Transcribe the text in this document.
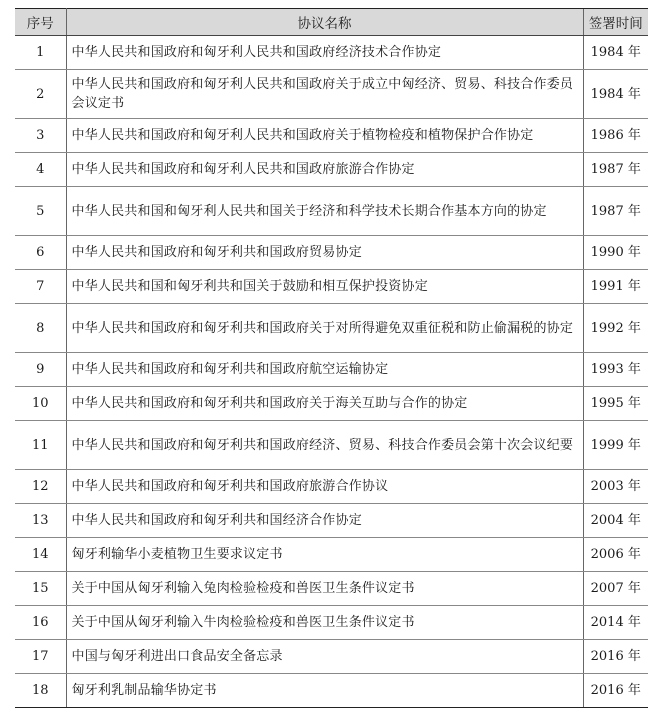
序号	协议名称	签署时间
1	中华人民共和国政府和匈牙利人民共和国政府经济技术合作协定	1984 年
2	中华人民共和国政府和匈牙利人民共和国政府关于成立中匈经济、贸易、科技合作委员会议定书	1984 年
3	中华人民共和国政府和匈牙利人民共和国政府关于植物检疫和植物保护合作协定	1986 年
4	中华人民共和国政府和匈牙利人民共和国政府旅游合作协定	1987 年
5	中华人民共和国和匈牙利人民共和国关于经济和科学技术长期合作基本方向的协定	1987 年
6	中华人民共和国政府和匈牙利共和国政府贸易协定	1990 年
7	中华人民共和国和匈牙利共和国关于鼓励和相互保护投资协定	1991 年
8	中华人民共和国政府和匈牙利共和国政府关于对所得避免双重征税和防止偷漏税的协定	1992 年
9	中华人民共和国政府和匈牙利共和国政府航空运输协定	1993 年
10	中华人民共和国政府和匈牙利共和国政府关于海关互助与合作的协定	1995 年
11	中华人民共和国政府和匈牙利共和国政府经济、贸易、科技合作委员会第十次会议纪要	1999 年
12	中华人民共和国政府和匈牙利共和国政府旅游合作协议	2003 年
13	中华人民共和国政府和匈牙利共和国经济合作协定	2004 年
14	匈牙利输华小麦植物卫生要求议定书	2006 年
15	关于中国从匈牙利输入兔肉检验检疫和兽医卫生条件议定书	2007 年
16	关于中国从匈牙利输入牛肉检验检疫和兽医卫生条件议定书	2014 年
17	中国与匈牙利进出口食品安全备忘录	2016 年
18	匈牙利乳制品输华协定书	2016 年
